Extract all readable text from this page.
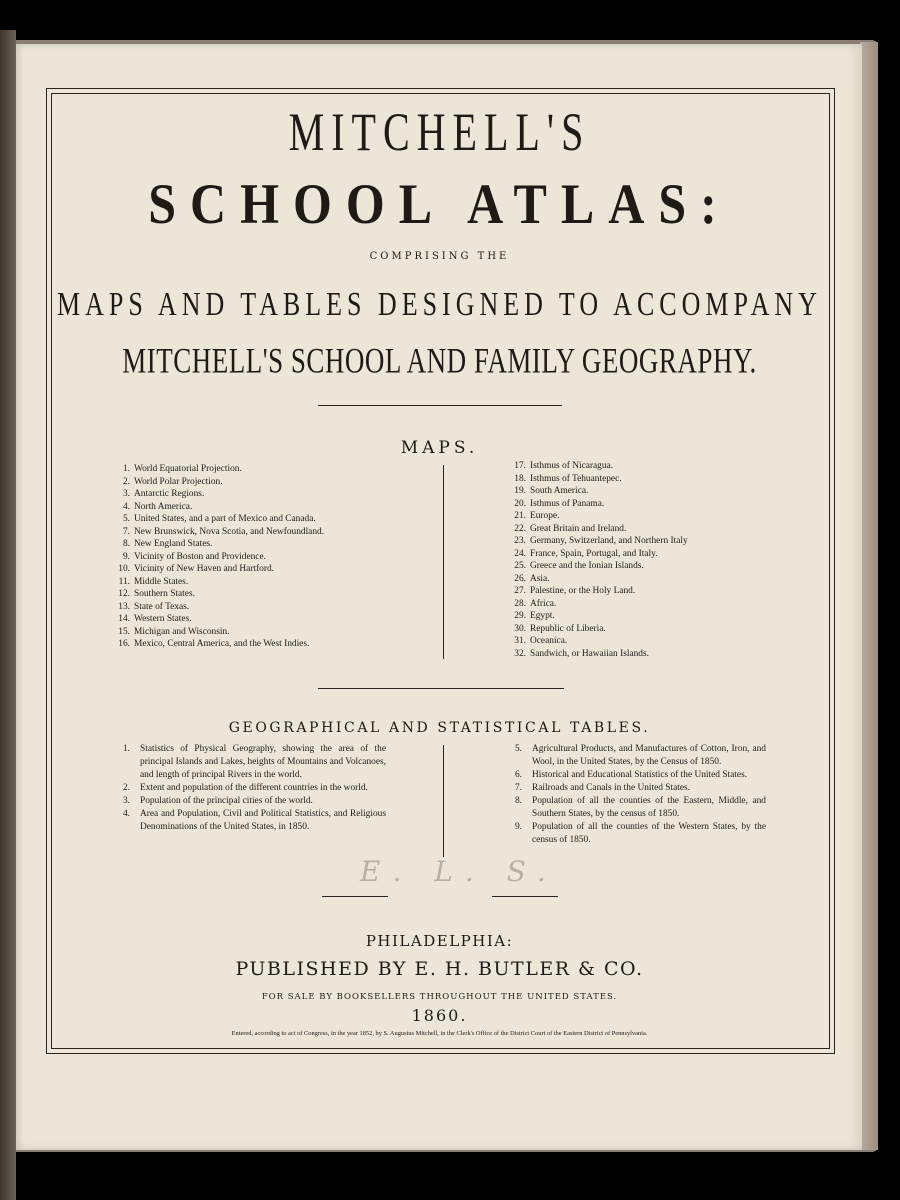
MITCHELL'S
SCHOOL ATLAS:
COMPRISING THE
MAPS AND TABLES DESIGNED TO ACCOMPANY
MITCHELL'S SCHOOL AND FAMILY GEOGRAPHY.
MAPS.
1. World Equatorial Projection.
2. World Polar Projection.
3. Antarctic Regions.
4. North America.
5. United States, and a part of Mexico and Canada.
7. New Brunswick, Nova Scotia, and Newfoundland.
8. New England States.
9. Vicinity of Boston and Providence.
10. Vicinity of New Haven and Hartford.
11. Middle States.
12. Southern States.
13. State of Texas.
14. Western States.
15. Michigan and Wisconsin.
16. Mexico, Central America, and the West Indies.
17. Isthmus of Nicaragua.
18. Isthmus of Tehuantepec.
19. South America.
20. Isthmus of Panama.
21. Europe.
22. Great Britain and Ireland.
23. Germany, Switzerland, and Northern Italy
24. France, Spain, Portugal, and Italy.
25. Greece and the Ionian Islands.
26. Asia.
27. Palestine, or the Holy Land.
28. Africa.
29. Egypt.
30. Republic of Liberia.
31. Oceanica.
32. Sandwich, or Hawaiian Islands.
GEOGRAPHICAL AND STATISTICAL TABLES.
1. Statistics of Physical Geography, showing the area of the principal Islands and Lakes, heights of Mountains and Volcanoes, and length of principal Rivers in the world.
2. Extent and population of the different countries in the world.
3. Population of the principal cities of the world.
4. Area and Population, Civil and Political Statistics, and Religious Denominations of the United States, in 1850.
5. Agricultural Products, and Manufactures of Cotton, Iron, and Wool, in the United States, by the Census of 1850.
6. Historical and Educational Statistics of the United States.
7. Railroads and Canals in the United States.
8. Population of all the counties of the Eastern, Middle, and Southern States, by the census of 1850.
9. Population of all the counties of the Western States, by the census of 1850.
E. L. S.
PHILADELPHIA:
PUBLISHED BY E. H. BUTLER & CO.
FOR SALE BY BOOKSELLERS THROUGHOUT THE UNITED STATES.
1860.
Entered, according to act of Congress, in the year 1852, by S. Augustus Mitchell, in the Clerk's Office of the District Court of the Eastern District of Pennsylvania.
